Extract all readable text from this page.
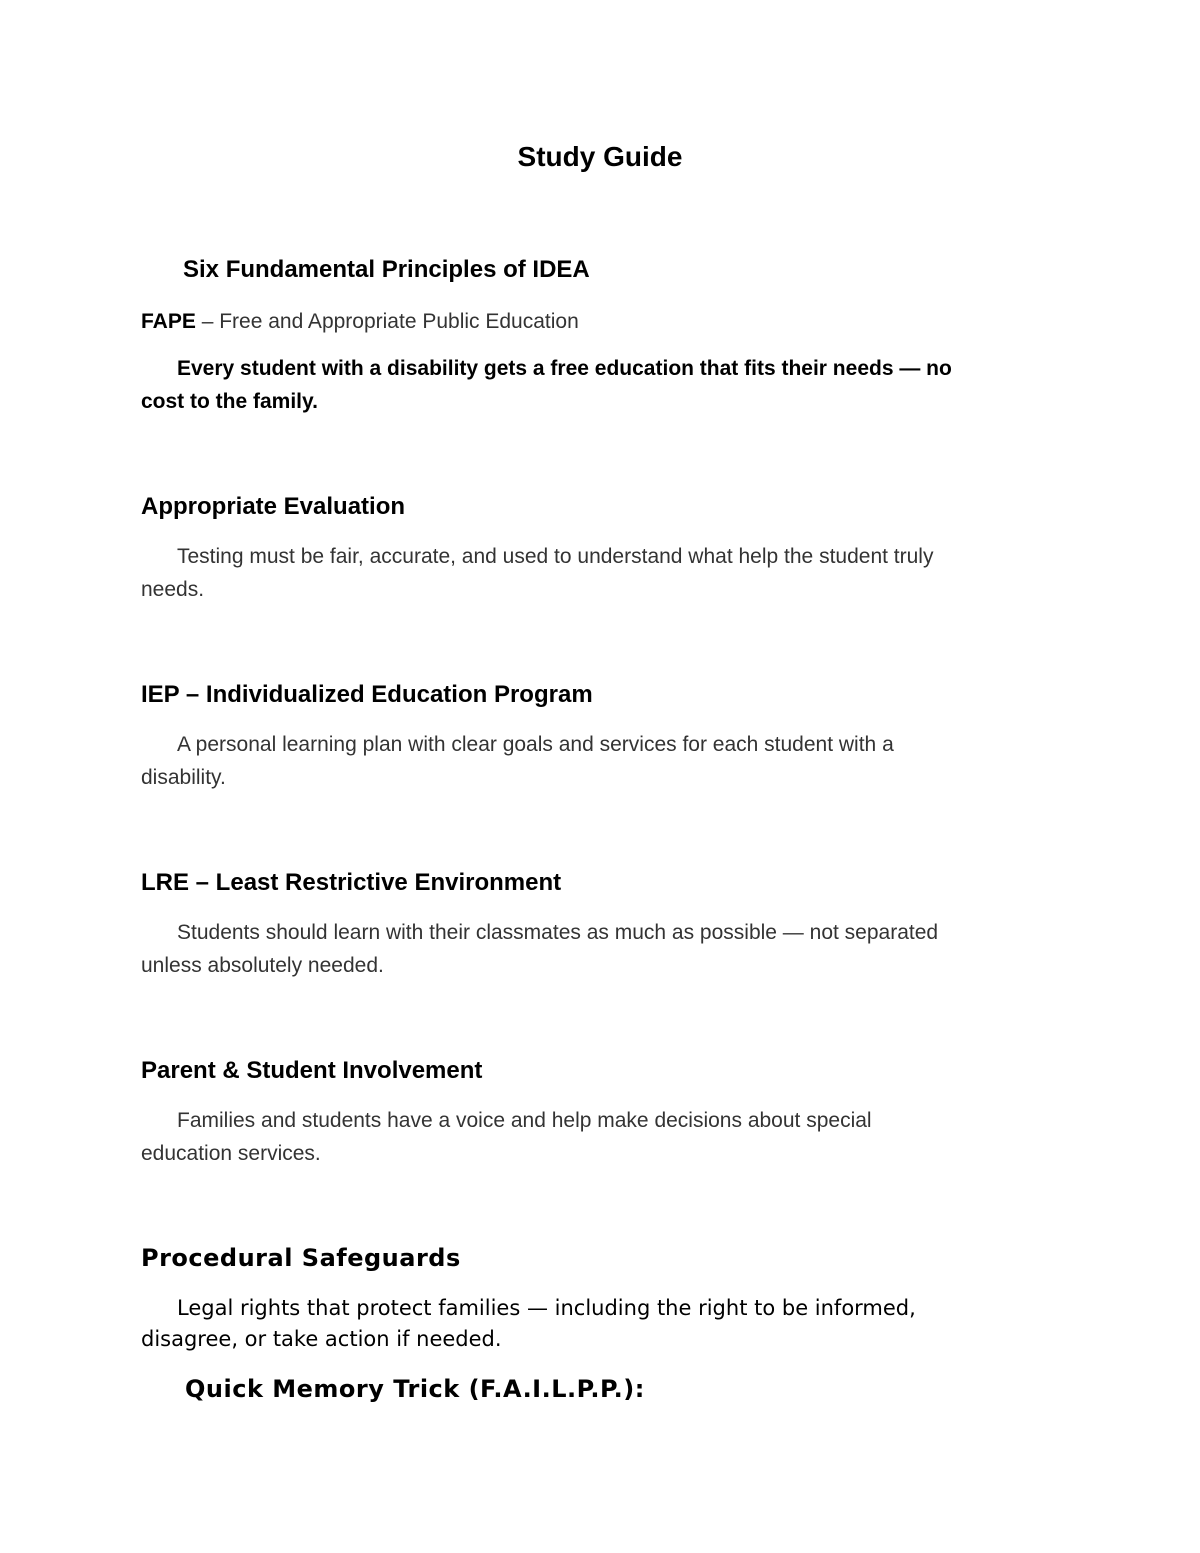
Study Guide
Six Fundamental Principles of IDEA
FAPE – Free and Appropriate Public Education
Every student with a disability gets a free education that fits their needs — no
cost to the family.
Appropriate Evaluation
Testing must be fair, accurate, and used to understand what help the student truly
needs.
IEP – Individualized Education Program
A personal learning plan with clear goals and services for each student with a
disability.
LRE – Least Restrictive Environment
Students should learn with their classmates as much as possible — not separated
unless absolutely needed.
Parent & Student Involvement
Families and students have a voice and help make decisions about special
education services.
Procedural Safeguards
Legal rights that protect families — including the right to be informed,
disagree, or take action if needed.
Quick Memory Trick (F.A.I.L.P.P.):
